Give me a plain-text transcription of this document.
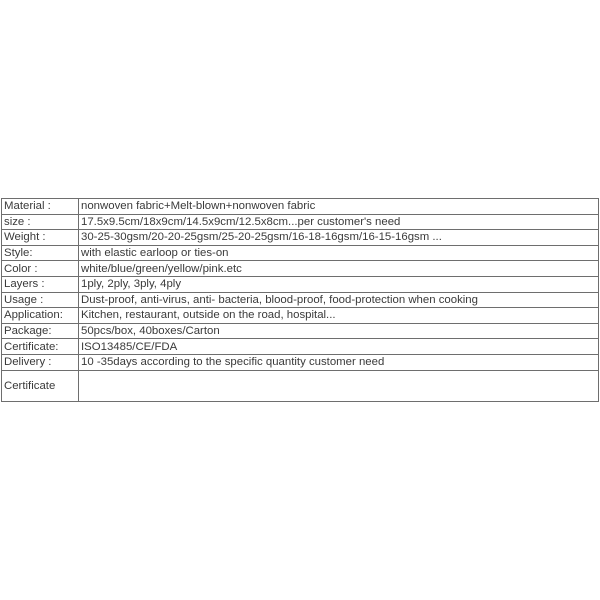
Material :	nonwoven fabric+Melt-blown+nonwoven fabric
size :	17.5x9.5cm/18x9cm/14.5x9cm/12.5x8cm...per customer's need
Weight :	30-25-30gsm/20-20-25gsm/25-20-25gsm/16-18-16gsm/16-15-16gsm ...
Style:	with elastic earloop or ties-on
Color :	white/blue/green/yellow/pink.etc
Layers :	1ply, 2ply, 3ply, 4ply
Usage :	Dust-proof, anti-virus, anti- bacteria, blood-proof, food-protection when cooking
Application:	Kitchen, restaurant, outside on the road, hospital...
Package:	50pcs/box, 40boxes/Carton
Certificate:	ISO13485/CE/FDA
Delivery :	10 -35days according to the specific quantity customer need
Certificate	
